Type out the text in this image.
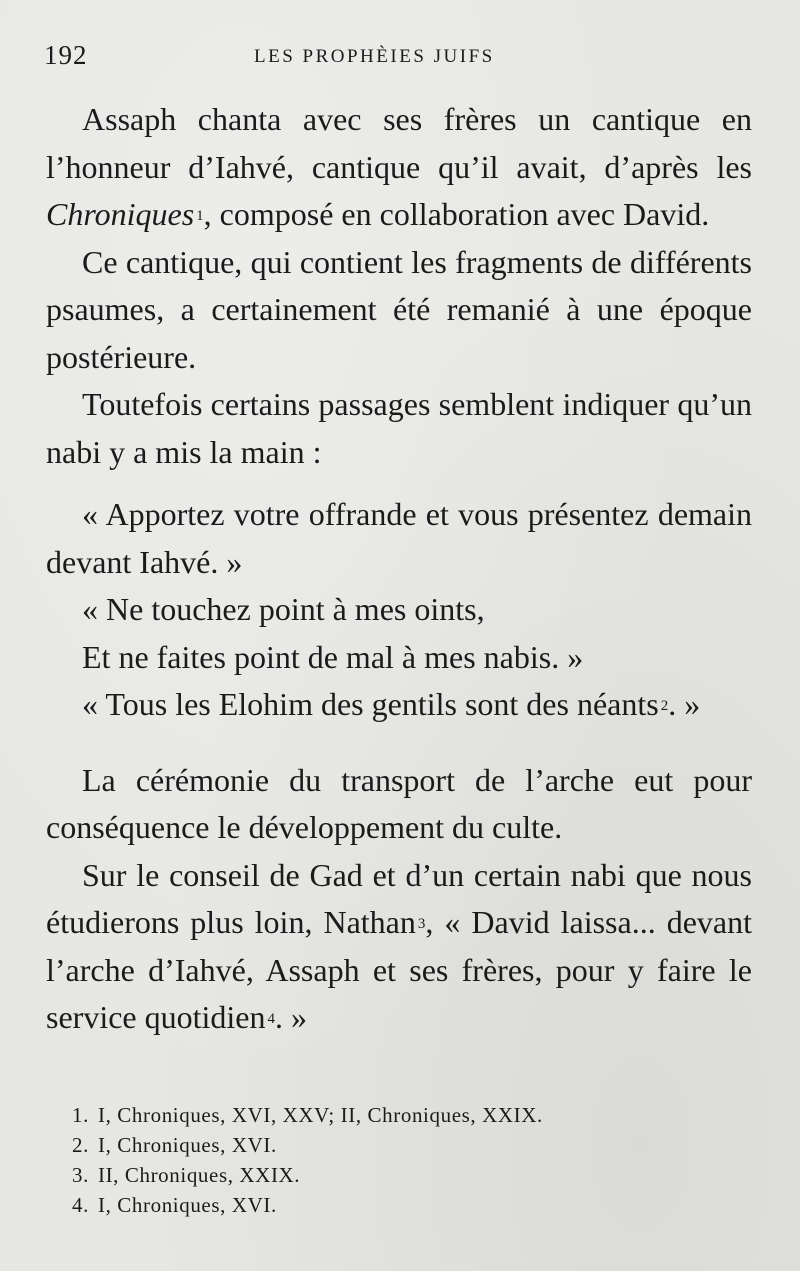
192	LES PROPHÈIES JUIFS

Assaph chanta avec ses frères un cantique en l’honneur d’Iahvé, cantique qu’il avait, d’après les Chroniques $^1$, composé en collaboration avec David.

Ce cantique, qui contient les fragments de différents psaumes, a certainement été remanié à une époque postérieure.

Toutefois certains passages semblent indiquer qu’un nabi y a mis la main :

« Apportez votre offrande et vous présentez demain devant Iahvé. »

« Ne touchez point à mes oints,

Et ne faites point de mal à mes nabis. »

« Tous les Elohim des gentils sont des néants $^2$. »

La cérémonie du transport de l’arche eut pour conséquence le développement du culte.

Sur le conseil de Gad et d’un certain nabi que nous étudierons plus loin, Nathan $^3$, « David laissa... devant l’arche d’Iahvé, Assaph et ses frères, pour y faire le service quotidien $^4$. »

1. I, Chroniques, XVI, XXV; II, Chroniques, XXIX.
2. I, Chroniques, XVI.
3. II, Chroniques, XXIX.
4. I, Chroniques, XVI.
